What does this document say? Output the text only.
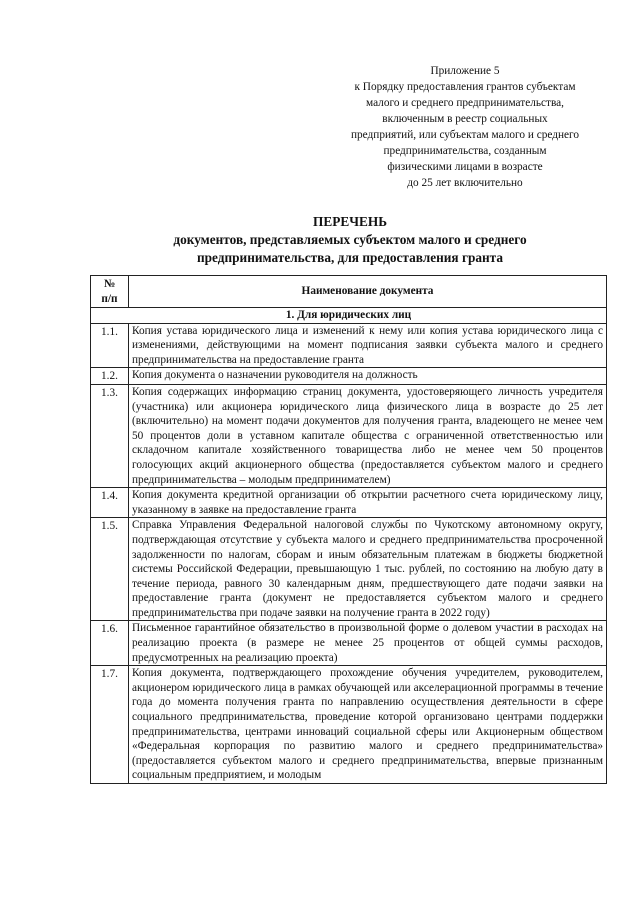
Приложение 5
к Порядку предоставления грантов субъектам
малого и среднего предпринимательства,
включенным в реестр социальных
предприятий, или субъектам малого и среднего
предпринимательства, созданным
физическими лицами в возрасте
до 25 лет включительно
ПЕРЕЧЕНЬ
документов, представляемых субъектом малого и среднего
предпринимательства, для предоставления гранта
№
п/п	Наименование документа
1. Для юридических лиц	
1.1.	Копия устава юридического лица и изменений к нему или копия устава юридического лица с изменениями, действующими на момент подписания заявки субъекта малого и среднего предпринимательства на предоставление гранта
1.2.	Копия документа о назначении руководителя на должность
1.3.	Копия содержащих информацию страниц документа, удостоверяющего личность учредителя (участника) или акционера юридического лица физического лица в возрасте до 25 лет (включительно) на момент подачи документов для получения гранта, владеющего не менее чем 50 процентов доли в уставном капитале общества с ограниченной ответственностью или складочном капитале хозяйственного товарищества либо не менее чем 50 процентов голосующих акций акционерного общества (предоставляется субъектом малого и среднего предпринимательства – молодым предпринимателем)
1.4.	Копия документа кредитной организации об открытии расчетного счета юридическому лицу, указанному в заявке на предоставление гранта
1.5.	Справка Управления Федеральной налоговой службы по Чукотскому автономному округу, подтверждающая отсутствие у субъекта малого и среднего предпринимательства просроченной задолженности по налогам, сборам и иным обязательным платежам в бюджеты бюджетной системы Российской Федерации, превышающую 1 тыс. рублей, по состоянию на любую дату в течение периода, равного 30 календарным дням, предшествующего дате подачи заявки на предоставление гранта (документ не предоставляется субъектом малого и среднего предпринимательства при подаче заявки на получение гранта в 2022 году)
1.6.	Письменное гарантийное обязательство в произвольной форме о долевом участии в расходах на реализацию проекта (в размере не менее 25 процентов от общей суммы расходов, предусмотренных на реализацию проекта)
1.7.	Копия документа, подтверждающего прохождение обучения учредителем, руководителем, акционером юридического лица в рамках обучающей или акселерационной программы в течение года до момента получения гранта по направлению осуществления деятельности в сфере социального предпринимательства, проведение которой организовано центрами поддержки предпринимательства, центрами инноваций социальной сферы или Акционерным обществом «Федеральная корпорация по развитию малого и среднего предпринимательства» (предоставляется субъектом малого и среднего предпринимательства, впервые признанным социальным предприятием, и молодым
